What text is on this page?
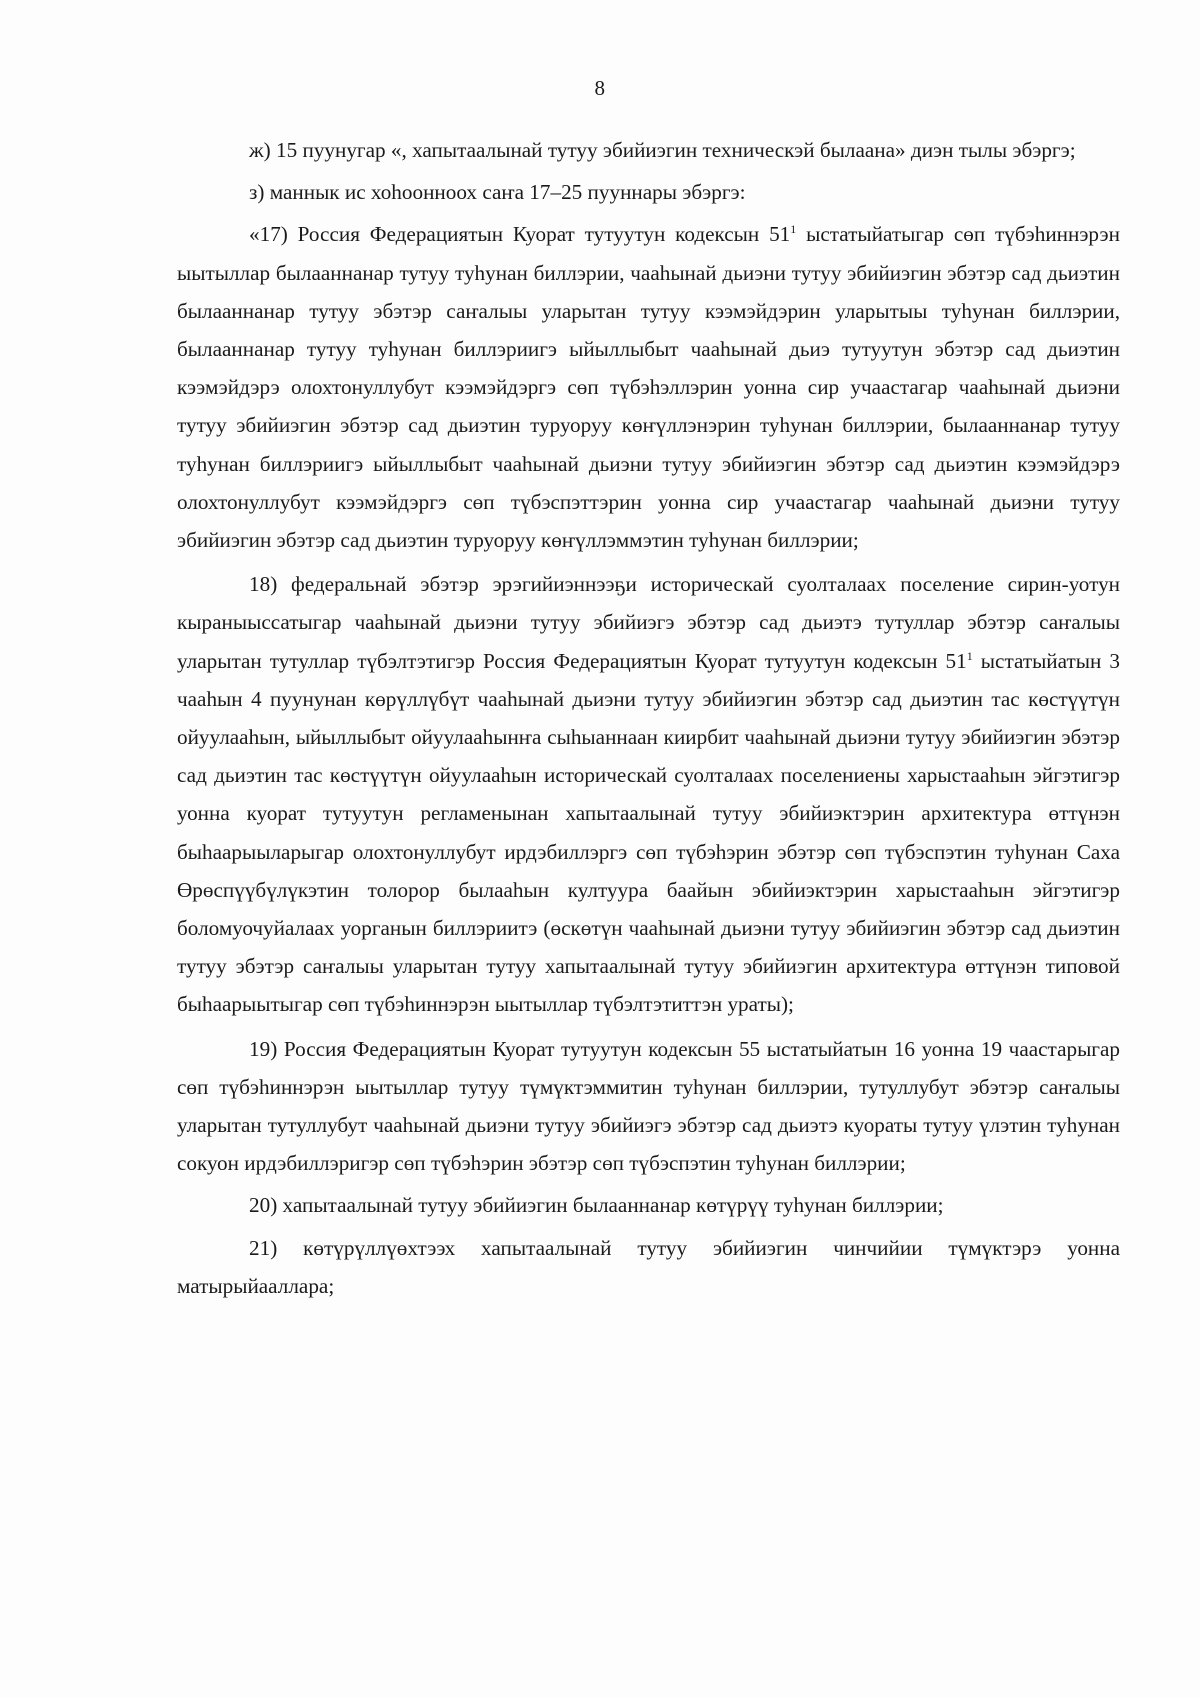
8

ж) 15 пуунугар «, хапытаалынай тутуу эбийиэгин техническэй былаана» диэн тылы эбэргэ;

з) маннык ис хоһоонноох саҥа 17–25 пууннары эбэргэ:

«17) Россия Федерациятын Куорат тутуутун кодексын $51^1$ ыстатыйатыгар сөп түбэһиннэрэн ыытыллар былааннанар тутуу туһунан биллэрии, чааһынай дьиэни тутуу эбийиэгин эбэтэр сад дьиэтин былааннанар тутуу эбэтэр саҥалыы уларытан тутуу кээмэйдэрин уларытыы туһунан биллэрии, былааннанар тутуу туһунан биллэриигэ ыйыллыбыт чааһынай дьиэ тутуутун эбэтэр сад дьиэтин кээмэйдэрэ олохтонуллубут кээмэйдэргэ сөп түбэһэллэрин уонна сир учаастагар чааһынай дьиэни тутуу эбийиэгин эбэтэр сад дьиэтин туруоруу көҥүллэнэрин туһунан биллэрии, былааннанар тутуу туһунан биллэриигэ ыйыллыбыт чааһынай дьиэни тутуу эбийиэгин эбэтэр сад дьиэтин кээмэйдэрэ олохтонуллубут кээмэйдэргэ сөп түбэспэттэрин уонна сир учаастагар чааһынай дьиэни тутуу эбийиэгин эбэтэр сад дьиэтин туруоруу көҥүллэммэтин туһунан биллэрии;

18) федеральнай эбэтэр эрэгийиэннээҕи историческай суолталаах поселение сирин-уотун кыраныыссатыгар чааһынай дьиэни тутуу эбийиэгэ эбэтэр сад дьиэтэ тутуллар эбэтэр саҥалыы уларытан тутуллар түбэлтэтигэр Россия Федерациятын Куорат тутуутун кодексын $51^1$ ыстатыйатын 3 чааһын 4 пуунунан көрүллүбүт чааһынай дьиэни тутуу эбийиэгин эбэтэр сад дьиэтин тас көстүүтүн ойуулааһын, ыйыллыбыт ойуулааһынҥа сыһыаннаан киирбит чааһынай дьиэни тутуу эбийиэгин эбэтэр сад дьиэтин тас көстүүтүн ойуулааһын историческай суолталаах поселениены харыстааһын эйгэтигэр уонна куорат тутуутун регламенынан хапытаалынай тутуу эбийиэктэрин архитектура өттүнэн быһаарыыларыгар олохтонуллубут ирдэбиллэргэ сөп түбэһэрин эбэтэр сөп түбэспэтин туһунан Саха Өрөспүүбүлүкэтин толорор былааһын култуура баайын эбийиэктэрин харыстааһын эйгэтигэр боломуочуйалаах уорганын биллэриитэ (өскөтүн чааһынай дьиэни тутуу эбийиэгин эбэтэр сад дьиэтин тутуу эбэтэр саҥалыы уларытан тутуу хапытаалынай тутуу эбийиэгин архитектура өттүнэн типовой быһаарыытыгар сөп түбэһиннэрэн ыытыллар түбэлтэтиттэн ураты);

19) Россия Федерациятын Куорат тутуутун кодексын 55 ыстатыйатын 16 уонна 19 чаастарыгар сөп түбэһиннэрэн ыытыллар тутуу түмүктэммитин туһунан биллэрии, тутуллубут эбэтэр саҥалыы уларытан тутуллубут чааһынай дьиэни тутуу эбийиэгэ эбэтэр сад дьиэтэ куораты тутуу үлэтин туһунан сокуон ирдэбиллэригэр сөп түбэһэрин эбэтэр сөп түбэспэтин туһунан биллэрии;

20) хапытаалынай тутуу эбийиэгин былааннанар көтүрүү туһунан биллэрии;

21) көтүрүллүөхтээх хапытаалынай тутуу эбийиэгин чинчийии түмүктэрэ уонна матырыйааллара;
